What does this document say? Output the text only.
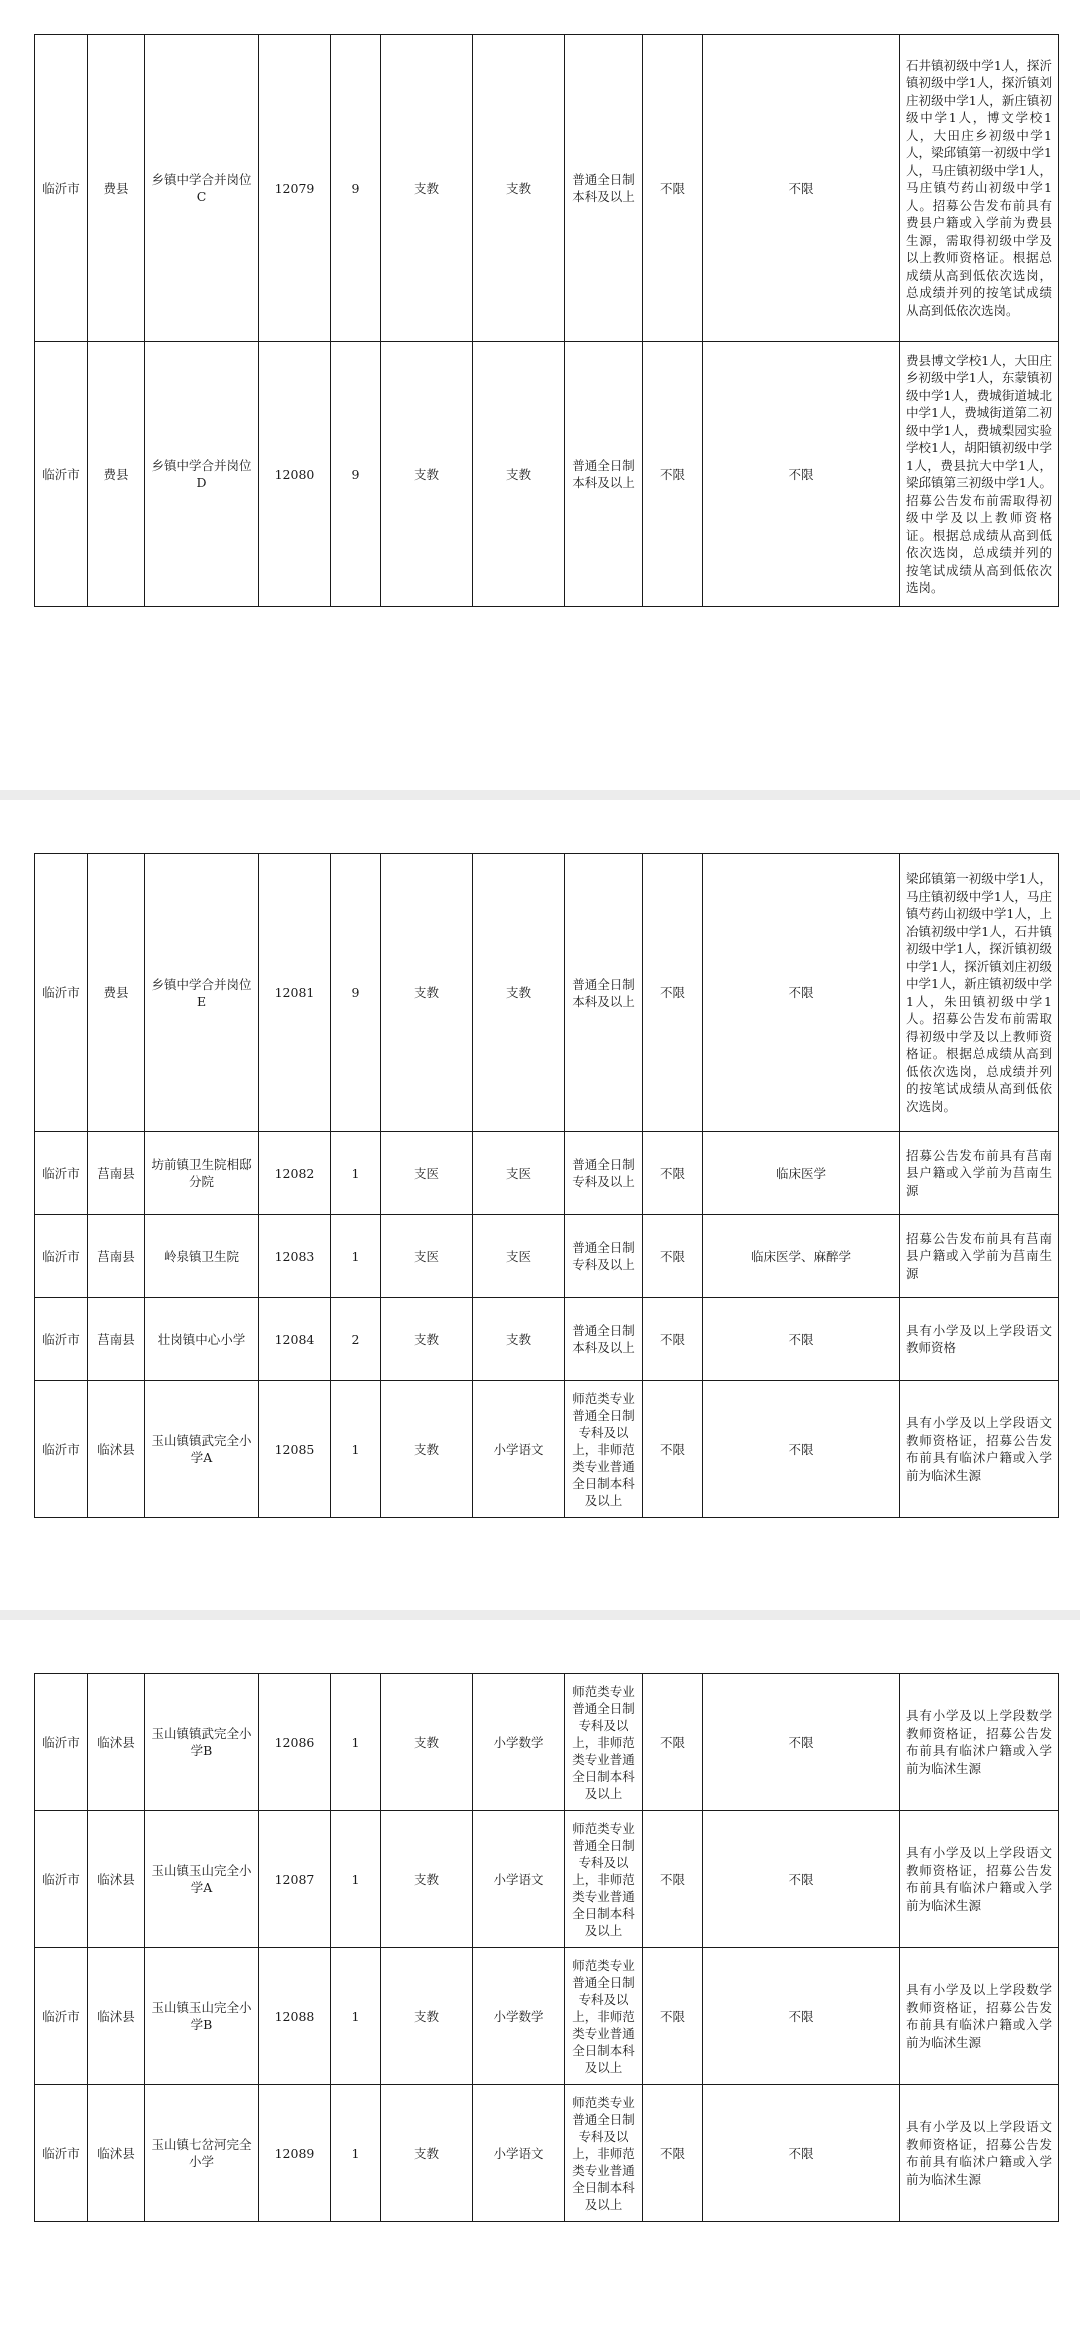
临沂市	费县	乡镇中学合并岗位C	12079	9	支教	支教	普通全日制本科及以上	不限	不限	石井镇初级中学1人，探沂镇初级中学1人，探沂镇刘庄初级中学1人，新庄镇初级中学1人，博文学校1人，大田庄乡初级中学1人，梁邱镇第一初级中学1人，马庄镇初级中学1人，马庄镇芍药山初级中学1人。招募公告发布前具有费县户籍或入学前为费县生源，需取得初级中学及以上教师资格证。根据总成绩从高到低依次选岗，总成绩并列的按笔试成绩从高到低依次选岗。
临沂市	费县	乡镇中学合并岗位D	12080	9	支教	支教	普通全日制本科及以上	不限	不限	费县博文学校1人，大田庄乡初级中学1人，东蒙镇初级中学1人，费城街道城北中学1人，费城街道第二初级中学1人，费城梨园实验学校1人，胡阳镇初级中学1人，费县抗大中学1人，梁邱镇第三初级中学1人。招募公告发布前需取得初级中学及以上教师资格证。根据总成绩从高到低依次选岗，总成绩并列的按笔试成绩从高到低依次选岗。
临沂市	费县	乡镇中学合并岗位E	12081	9	支教	支教	普通全日制本科及以上	不限	不限	梁邱镇第一初级中学1人，马庄镇初级中学1人，马庄镇芍药山初级中学1人，上冶镇初级中学1人，石井镇初级中学1人，探沂镇初级中学1人，探沂镇刘庄初级中学1人，新庄镇初级中学1人，朱田镇初级中学1人。招募公告发布前需取得初级中学及以上教师资格证。根据总成绩从高到低依次选岗，总成绩并列的按笔试成绩从高到低依次选岗。
临沂市	莒南县	坊前镇卫生院相邸分院	12082	1	支医	支医	普通全日制专科及以上	不限	临床医学	招募公告发布前具有莒南县户籍或入学前为莒南生源
临沂市	莒南县	岭泉镇卫生院	12083	1	支医	支医	普通全日制专科及以上	不限	临床医学、麻醉学	招募公告发布前具有莒南县户籍或入学前为莒南生源
临沂市	莒南县	壮岗镇中心小学	12084	2	支教	支教	普通全日制本科及以上	不限	不限	具有小学及以上学段语文教师资格
临沂市	临沭县	玉山镇镇武完全小学A	12085	1	支教	小学语文	师范类专业普通全日制专科及以上，非师范类专业普通全日制本科及以上	不限	不限	具有小学及以上学段语文教师资格证，招募公告发布前具有临沭户籍或入学前为临沭生源
临沂市	临沭县	玉山镇镇武完全小学B	12086	1	支教	小学数学	师范类专业普通全日制专科及以上，非师范类专业普通全日制本科及以上	不限	不限	具有小学及以上学段数学教师资格证，招募公告发布前具有临沭户籍或入学前为临沭生源
临沂市	临沭县	玉山镇玉山完全小学A	12087	1	支教	小学语文	师范类专业普通全日制专科及以上，非师范类专业普通全日制本科及以上	不限	不限	具有小学及以上学段语文教师资格证，招募公告发布前具有临沭户籍或入学前为临沭生源
临沂市	临沭县	玉山镇玉山完全小学B	12088	1	支教	小学数学	师范类专业普通全日制专科及以上，非师范类专业普通全日制本科及以上	不限	不限	具有小学及以上学段数学教师资格证，招募公告发布前具有临沭户籍或入学前为临沭生源
临沂市	临沭县	玉山镇七岔河完全小学	12089	1	支教	小学语文	师范类专业普通全日制专科及以上，非师范类专业普通全日制本科及以上	不限	不限	具有小学及以上学段语文教师资格证，招募公告发布前具有临沭户籍或入学前为临沭生源
